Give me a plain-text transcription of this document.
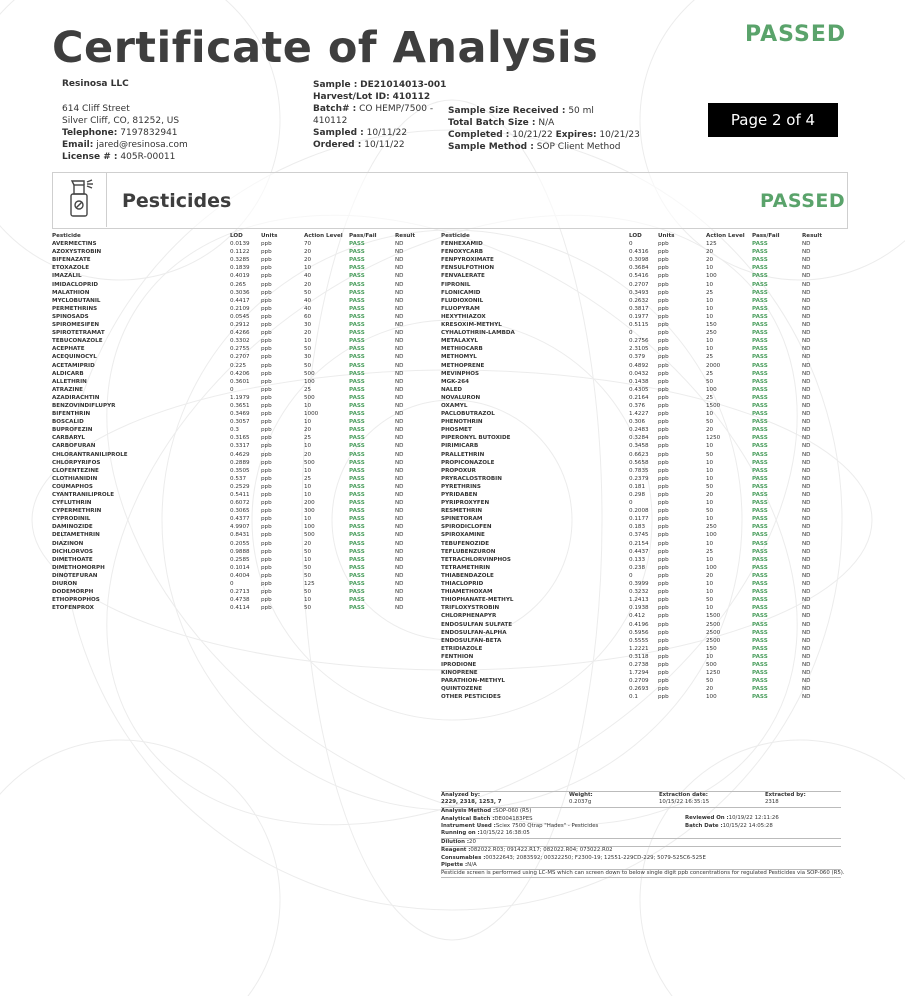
Certificate of Analysis	PASSED
Resinosa LLC
614 Cliff Street
Silver Cliff, CO, 81252, US
Telephone: 7197832941
Email: jared@resinosa.com
License # : 405R-00011
Sample : DE21014013-001
Harvest/Lot ID: 410112
Batch# : CO HEMP/7500 -
410112
Sampled : 10/11/22
Ordered : 10/11/22
Sample Size Received : 50 ml
Total Batch Size : N/A
Completed : 10/21/22 Expires: 10/21/23
Sample Method : SOP Client Method
Page 2 of 4
Pesticides	PASSED
Pesticide	LOD	Units	Action Level	Pass/Fail	Result
AVERMECTINS	0.0139	ppb	70	PASS	ND
AZOXYSTROBIN	0.1122	ppb	20	PASS	ND
BIFENAZATE	0.3285	ppb	20	PASS	ND
ETOXAZOLE	0.1839	ppb	10	PASS	ND
IMAZALIL	0.4019	ppb	40	PASS	ND
IMIDACLOPRID	0.265	ppb	20	PASS	ND
MALATHION	0.3036	ppb	50	PASS	ND
MYCLOBUTANIL	0.4417	ppb	40	PASS	ND
PERMETHRINS	0.2109	ppb	40	PASS	ND
SPINOSADS	0.0545	ppb	60	PASS	ND
SPIROMESIFEN	0.2912	ppb	30	PASS	ND
SPIROTETRAMAT	0.4266	ppb	20	PASS	ND
TEBUCONAZOLE	0.3302	ppb	10	PASS	ND
ACEPHATE	0.2755	ppb	50	PASS	ND
ACEQUINOCYL	0.2707	ppb	30	PASS	ND
ACETAMIPRID	0.225	ppb	50	PASS	ND
ALDICARB	0.4206	ppb	500	PASS	ND
ALLETHRIN	0.3601	ppb	100	PASS	ND
ATRAZINE	0	ppb	25	PASS	ND
AZADIRACHTIN	1.1979	ppb	500	PASS	ND
BENZOVINDIFLUPYR	0.3651	ppb	10	PASS	ND
BIFENTHRIN	0.3469	ppb	1000	PASS	ND
BOSCALID	0.3057	ppb	10	PASS	ND
BUPROFEZIN	0.3	ppb	20	PASS	ND
CARBARYL	0.3165	ppb	25	PASS	ND
CARBOFURAN	0.3317	ppb	10	PASS	ND
CHLORANTRANILIPROLE	0.4629	ppb	20	PASS	ND
CHLORPYRIFOS	0.2889	ppb	500	PASS	ND
CLOFENTEZINE	0.3505	ppb	10	PASS	ND
CLOTHIANIDIN	0.537	ppb	25	PASS	ND
COUMAPHOS	0.2529	ppb	10	PASS	ND
CYANTRANILIPROLE	0.5411	ppb	10	PASS	ND
CYFLUTHRIN	0.6072	ppb	200	PASS	ND
CYPERMETHRIN	0.3065	ppb	300	PASS	ND
CYPRODINIL	0.4377	ppb	10	PASS	ND
DAMINOZIDE	4.9907	ppb	100	PASS	ND
DELTAMETHRIN	0.8431	ppb	500	PASS	ND
DIAZINON	0.2055	ppb	20	PASS	ND
DICHLORVOS	0.9888	ppb	50	PASS	ND
DIMETHOATE	0.2585	ppb	10	PASS	ND
DIMETHOMORPH	0.1014	ppb	50	PASS	ND
DINOTEFURAN	0.4004	ppb	50	PASS	ND
DIURON	0	ppb	125	PASS	ND
DODEMORPH	0.2713	ppb	50	PASS	ND
ETHOPROPHOS	0.4738	ppb	10	PASS	ND
ETOFENPROX	0.4114	ppb	50	PASS	ND
Pesticide	LOD	Units	Action Level	Pass/Fail	Result
FENHEXAMID	0	ppb	125	PASS	ND
FENOXYCARB	0.4316	ppb	20	PASS	ND
FENPYROXIMATE	0.3098	ppb	20	PASS	ND
FENSULFOTHION	0.3684	ppb	10	PASS	ND
FENVALERATE	0.5416	ppb	100	PASS	ND
FIPRONIL	0.2707	ppb	10	PASS	ND
FLONICAMID	0.3493	ppb	25	PASS	ND
FLUDIOXONIL	0.2632	ppb	10	PASS	ND
FLUOPYRAM	0.3817	ppb	10	PASS	ND
HEXYTHIAZOX	0.1977	ppb	10	PASS	ND
KRESOXIM-METHYL	0.5115	ppb	150	PASS	ND
CYHALOTHRIN-LAMBDA	0	ppb	250	PASS	ND
METALAXYL	0.2756	ppb	10	PASS	ND
METHIOCARB	2.3105	ppb	10	PASS	ND
METHOMYL	0.379	ppb	25	PASS	ND
METHOPRENE	0.4892	ppb	2000	PASS	ND
MEVINPHOS	0.0432	ppb	25	PASS	ND
MGK-264	0.1438	ppb	50	PASS	ND
NALED	0.4305	ppb	100	PASS	ND
NOVALURON	0.2164	ppb	25	PASS	ND
OXAMYL	0.376	ppb	1500	PASS	ND
PACLOBUTRAZOL	1.4227	ppb	10	PASS	ND
PHENOTHRIN	0.306	ppb	50	PASS	ND
PHOSMET	0.2483	ppb	20	PASS	ND
PIPERONYL BUTOXIDE	0.3284	ppb	1250	PASS	ND
PIRIMICARB	0.3458	ppb	10	PASS	ND
PRALLETHRIN	0.6623	ppb	50	PASS	ND
PROPICONAZOLE	0.5658	ppb	10	PASS	ND
PROPOXUR	0.7835	ppb	10	PASS	ND
PRYRACLOSTROBIN	0.2379	ppb	10	PASS	ND
PYRETHRINS	0.181	ppb	50	PASS	ND
PYRIDABEN	0.298	ppb	20	PASS	ND
PYRIPROXYFEN	0	ppb	10	PASS	ND
RESMETHRIN	0.2008	ppb	50	PASS	ND
SPINETORAM	0.1177	ppb	10	PASS	ND
SPIRODICLOFEN	0.183	ppb	250	PASS	ND
SPIROXAMINE	0.3745	ppb	100	PASS	ND
TEBUFENOZIDE	0.2154	ppb	10	PASS	ND
TEFLUBENZURON	0.4437	ppb	25	PASS	ND
TETRACHLORVINPHOS	0.133	ppb	10	PASS	ND
TETRAMETHRIN	0.238	ppb	100	PASS	ND
THIABENDAZOLE	0	ppb	20	PASS	ND
THIACLOPRID	0.3999	ppb	10	PASS	ND
THIAMETHOXAM	0.3232	ppb	10	PASS	ND
THIOPHANATE-METHYL	1.2413	ppb	50	PASS	ND
TRIFLOXYSTROBIN	0.1938	ppb	10	PASS	ND
CHLORPHENAPYR	0.412	ppb	1500	PASS	ND
ENDOSULFAN SULFATE	0.4196	ppb	2500	PASS	ND
ENDOSULFAN-ALPHA	0.5956	ppb	2500	PASS	ND
ENDOSULFAN-BETA	0.5555	ppb	2500	PASS	ND
ETRIDIAZOLE	1.2221	ppb	150	PASS	ND
FENTHION	0.3118	ppb	10	PASS	ND
IPRODIONE	0.2738	ppb	500	PASS	ND
KINOPRENE	1.7294	ppb	1250	PASS	ND
PARATHION-METHYL	0.2709	ppb	50	PASS	ND
QUINTOZENE	0.2693	ppb	20	PASS	ND
OTHER PESTICIDES	0.1	ppb	100	PASS	ND
Analyzed by:
2229, 2318, 1253, 7
Weight:
0.2037g
Extraction date:
10/15/22 16:35:15
Extracted by:
2318
Analysis Method :SOP-060 (R5)
Analytical Batch :DE004183PES
Instrument Used :Sciex 7500 Qtrap "Hades" - Pesticides
Running on :10/15/22 16:38:05
Reviewed On :10/19/22 12:11:26
Batch Date :10/15/22 14:05:28
Dilution :20
Reagent :082022.R03; 091422.R17; 082022.R04; 073022.R02
Consumables :00322643; 2083592; 00322250; F2300-19; 12551-229CD-229; 5079-525C6-525E
Pipette :N/A
Pesticide screen is performed using LC-MS which can screen down to below single digit ppb concentrations for regulated Pesticides via SOP-060 (R5).
